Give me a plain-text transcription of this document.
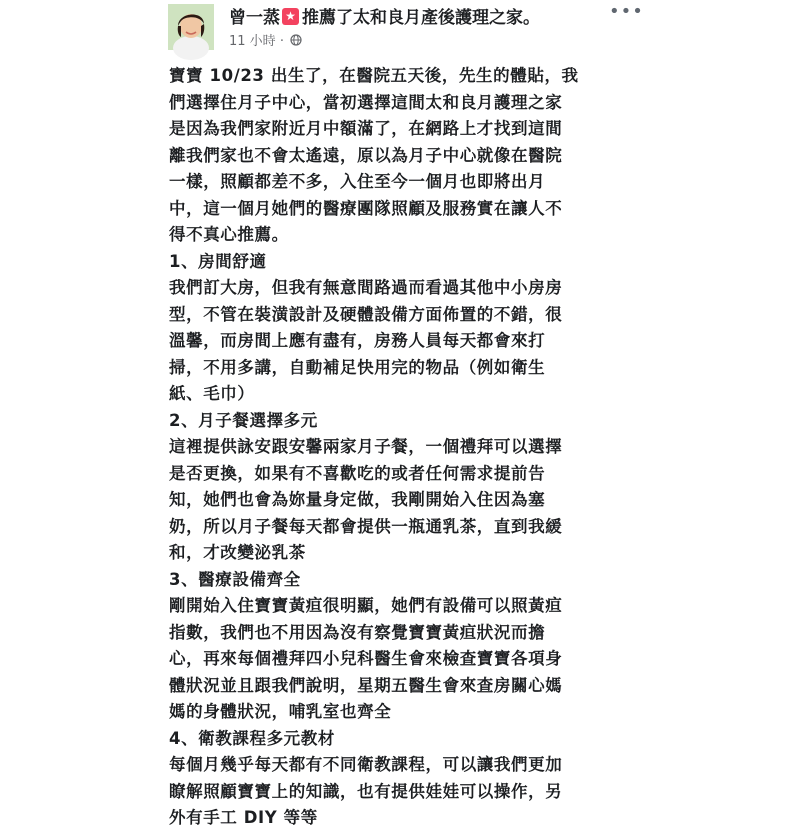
曾一蒸★ 推薦了太和良月產後護理之家。
11 小時 ·
•••

寶寶 10/23 出生了，在醫院五天後，先生的體貼，我

們選擇住月子中心，當初選擇這間太和良月護理之家

是因為我們家附近月中額滿了，在網路上才找到這間

離我們家也不會太遙遠，原以為月子中心就像在醫院

一樣，照顧都差不多，入住至今一個月也即將出月

中，這一個月她們的醫療團隊照顧及服務實在讓人不

得不真心推薦。

1、房間舒適

我們訂大房，但我有無意間路過而看過其他中小房房

型，不管在裝潢設計及硬體設備方面佈置的不錯，很

溫馨，而房間上應有盡有，房務人員每天都會來打

掃，不用多講，自動補足快用完的物品（例如衛生

紙、毛巾）

2、月子餐選擇多元

這裡提供詠安跟安馨兩家月子餐，一個禮拜可以選擇

是否更換，如果有不喜歡吃的或者任何需求提前告

知，她們也會為妳量身定做，我剛開始入住因為塞

奶，所以月子餐每天都會提供一瓶通乳茶，直到我緩

和，才改變泌乳茶

3、醫療設備齊全

剛開始入住寶寶黃疸很明顯，她們有設備可以照黃疸

指數，我們也不用因為沒有察覺寶寶黃疸狀況而擔

心，再來每個禮拜四小兒科醫生會來檢查寶寶各項身

體狀況並且跟我們說明，星期五醫生會來查房關心媽

媽的身體狀況，哺乳室也齊全

4、衛教課程多元教材

每個月幾乎每天都有不同衛教課程，可以讓我們更加

瞭解照顧寶寶上的知識，也有提供娃娃可以操作，另

外有手工 DIY 等等
